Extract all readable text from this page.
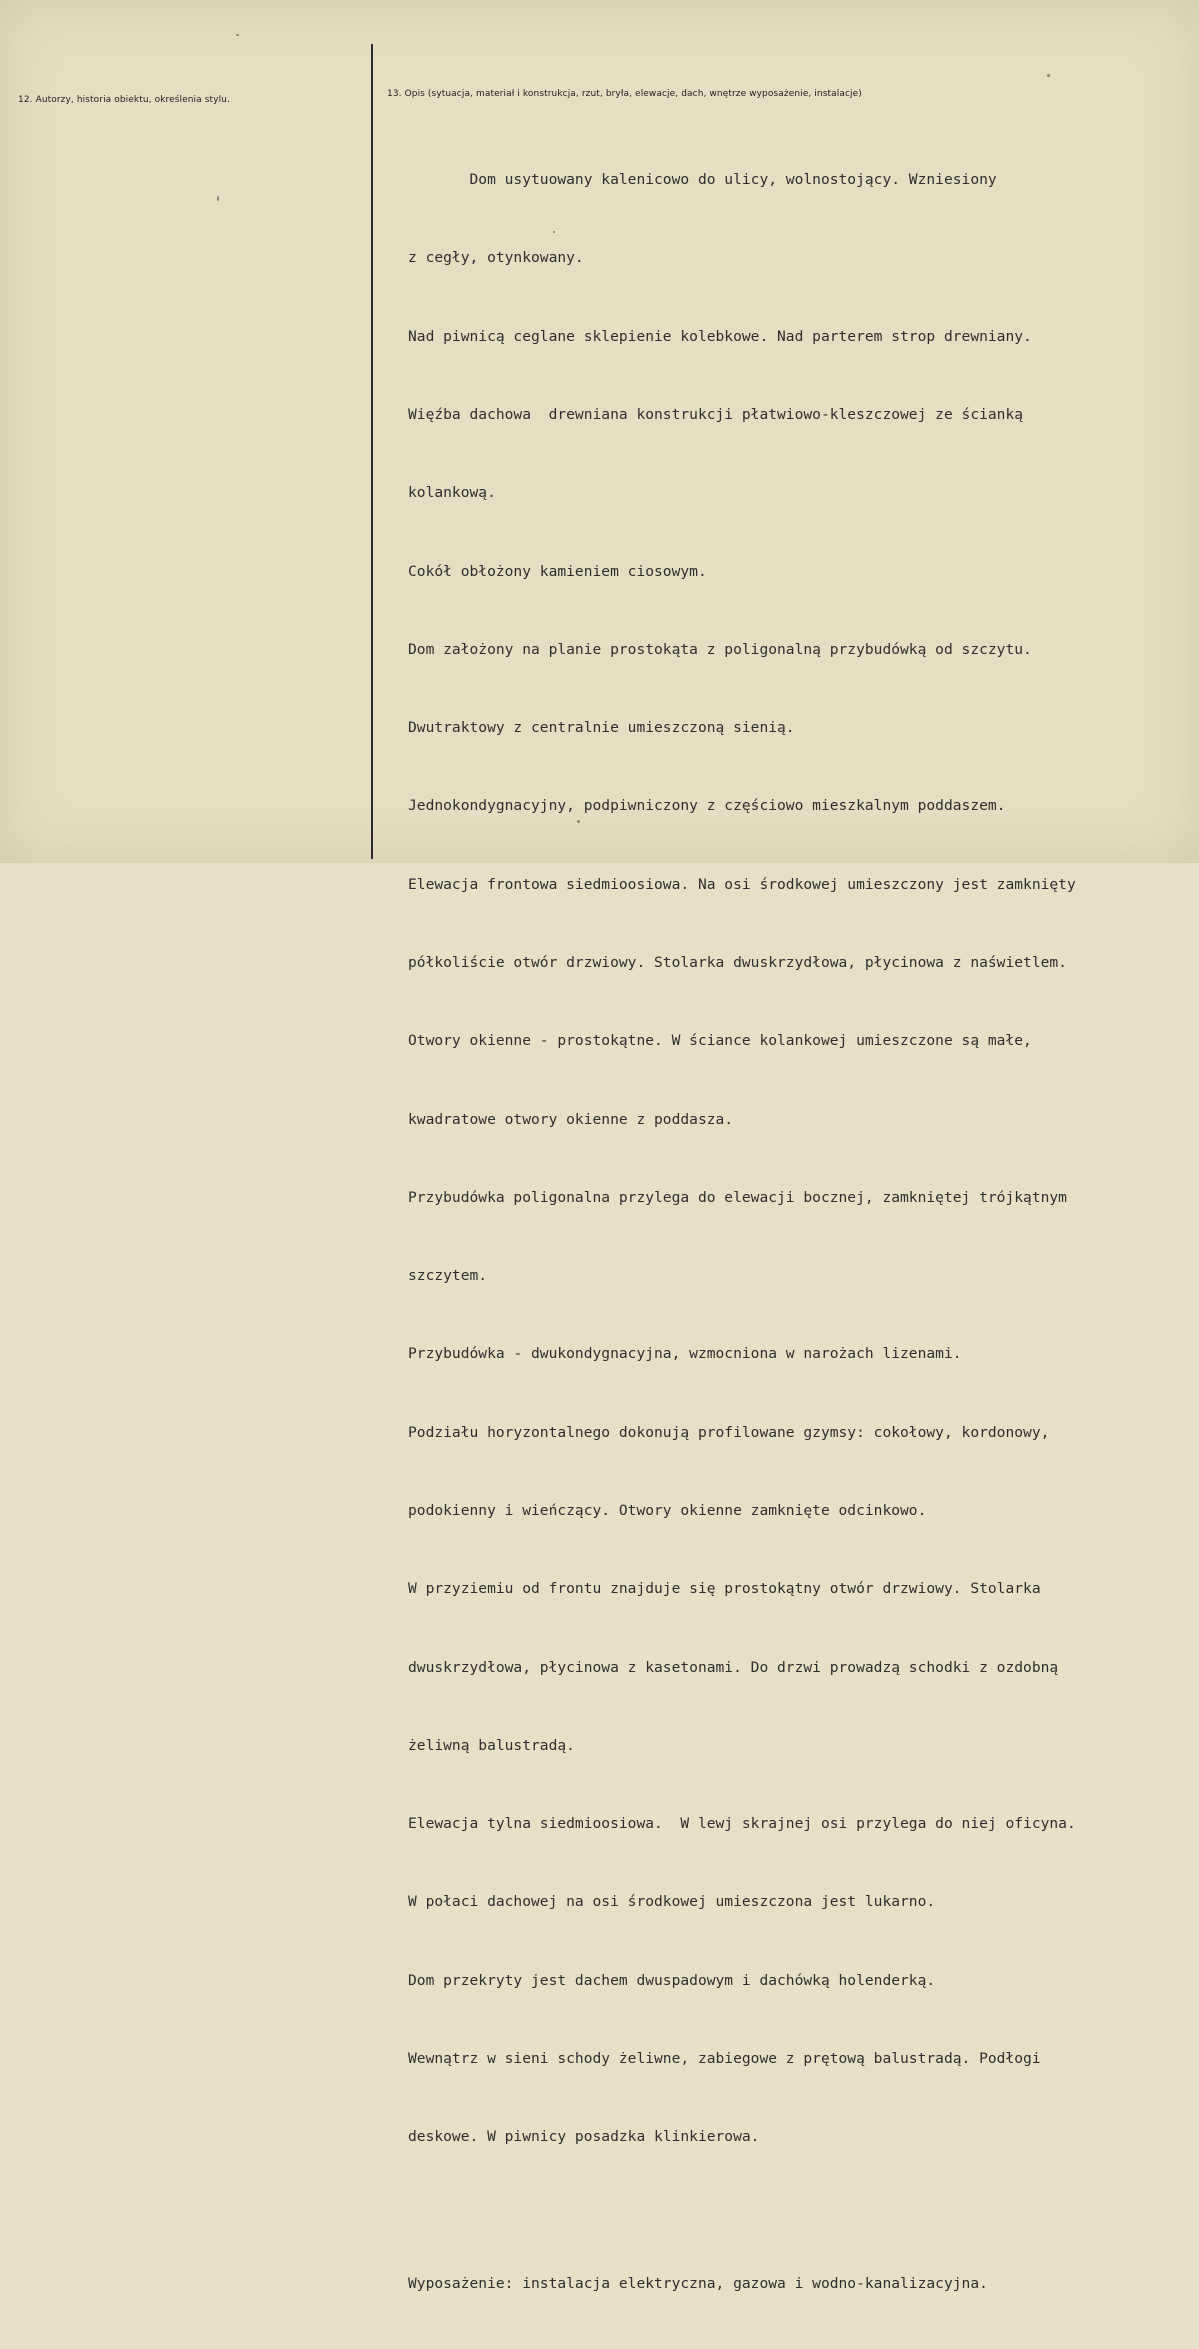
12. Autorzy, historia obiektu, określenia stylu.
13. Opis (sytuacja, materiał i konstrukcja, rzut, bryła, elewacje, dach, wnętrze wyposażenie, instalacje)

Dom usytuowany kalenicowo do ulicy, wolnostojący. Wzniesiony

z cegły, otynkowany.

Nad piwnicą ceglane sklepienie kolebkowe. Nad parterem strop drewniany.

Więźba dachowa  drewniana konstrukcji płatwiowo-kleszczowej ze ścianką

kolankową.

Cokół obłożony kamieniem ciosowym.

Dom założony na planie prostokąta z poligonalną przybudówką od szczytu.

Dwutraktowy z centralnie umieszczoną sienią.

Jednokondygnacyjny, podpiwniczony z częściowo mieszkalnym poddaszem.

Elewacja frontowa siedmioosiowa. Na osi środkowej umieszczony jest zamknięty

półkoliście otwór drzwiowy. Stolarka dwuskrzydłowa, płycinowa z naświetlem.

Otwory okienne - prostokątne. W ściance kolankowej umieszczone są małe,

kwadratowe otwory okienne z poddasza.

Przybudówka poligonalna przylega do elewacji bocznej, zamkniętej trójkątnym

szczytem.

Przybudówka - dwukondygnacyjna, wzmocniona w narożach lizenami.

Podziału horyzontalnego dokonują profilowane gzymsy: cokołowy, kordonowy,

podokienny i wieńczący. Otwory okienne zamknięte odcinkowo.

W przyziemiu od frontu znajduje się prostokątny otwór drzwiowy. Stolarka

dwuskrzydłowa, płycinowa z kasetonami. Do drzwi prowadzą schodki z ozdobną

żeliwną balustradą.

Elewacja tylna siedmioosiowa.  W lewj skrajnej osi przylega do niej oficyna.

W połaci dachowej na osi środkowej umieszczona jest lukarno.

Dom przekryty jest dachem dwuspadowym i dachówką holenderką.

Wewnątrz w sieni schody żeliwne, zabiegowe z prętową balustradą. Podłogi

deskowe. W piwnicy posadzka klinkierowa.

Wyposażenie: instalacja elektryczna, gazowa i wodno-kanalizacyjna.
